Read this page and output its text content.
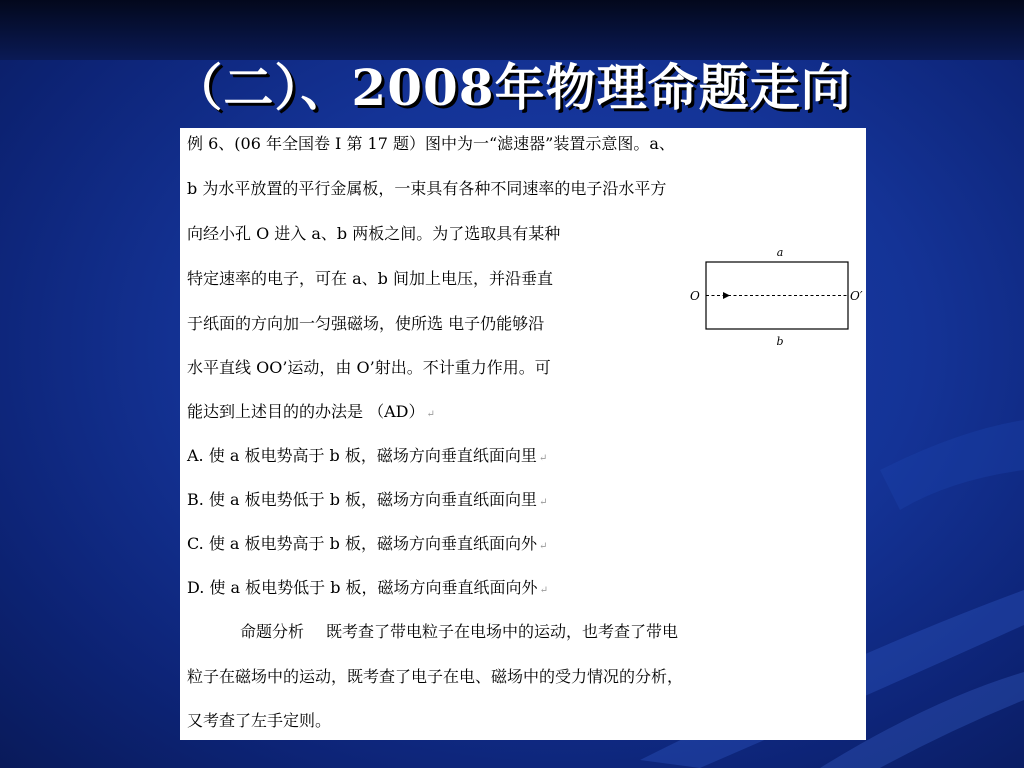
（二）、2008年物理命题走向
例 6、(06 年全国卷 I 第 17 题）图中为一“滤速器”装置示意图。a、
b 为水平放置的平行金属板，一束具有各种不同速率的电子沿水平方
向经小孔 O 进入 a、b 两板之间。为了选取具有某种
特定速率的电子，可在 a、b 间加上电压，并沿垂直
于纸面的方向加一匀强磁场，使所选 电子仍能够沿
水平直线 OO’运动，由 O’射出。不计重力作用。可
能达到上述目的的办法是 （AD） ↵
A. 使 a 板电势高于 b 板，磁场方向垂直纸面向里 ↵
B. 使 a 板电势低于 b 板，磁场方向垂直纸面向里 ↵
C. 使 a 板电势高于 b 板，磁场方向垂直纸面向外 ↵
D. 使 a 板电势低于 b 板，磁场方向垂直纸面向外 ↵
命题分析 既考查了带电粒子在电场中的运动，也考查了带电
粒子在磁场中的运动，既考查了电子在电、磁场中的受力情况的分析，
又考查了左手定则。
a
b
O	O′
